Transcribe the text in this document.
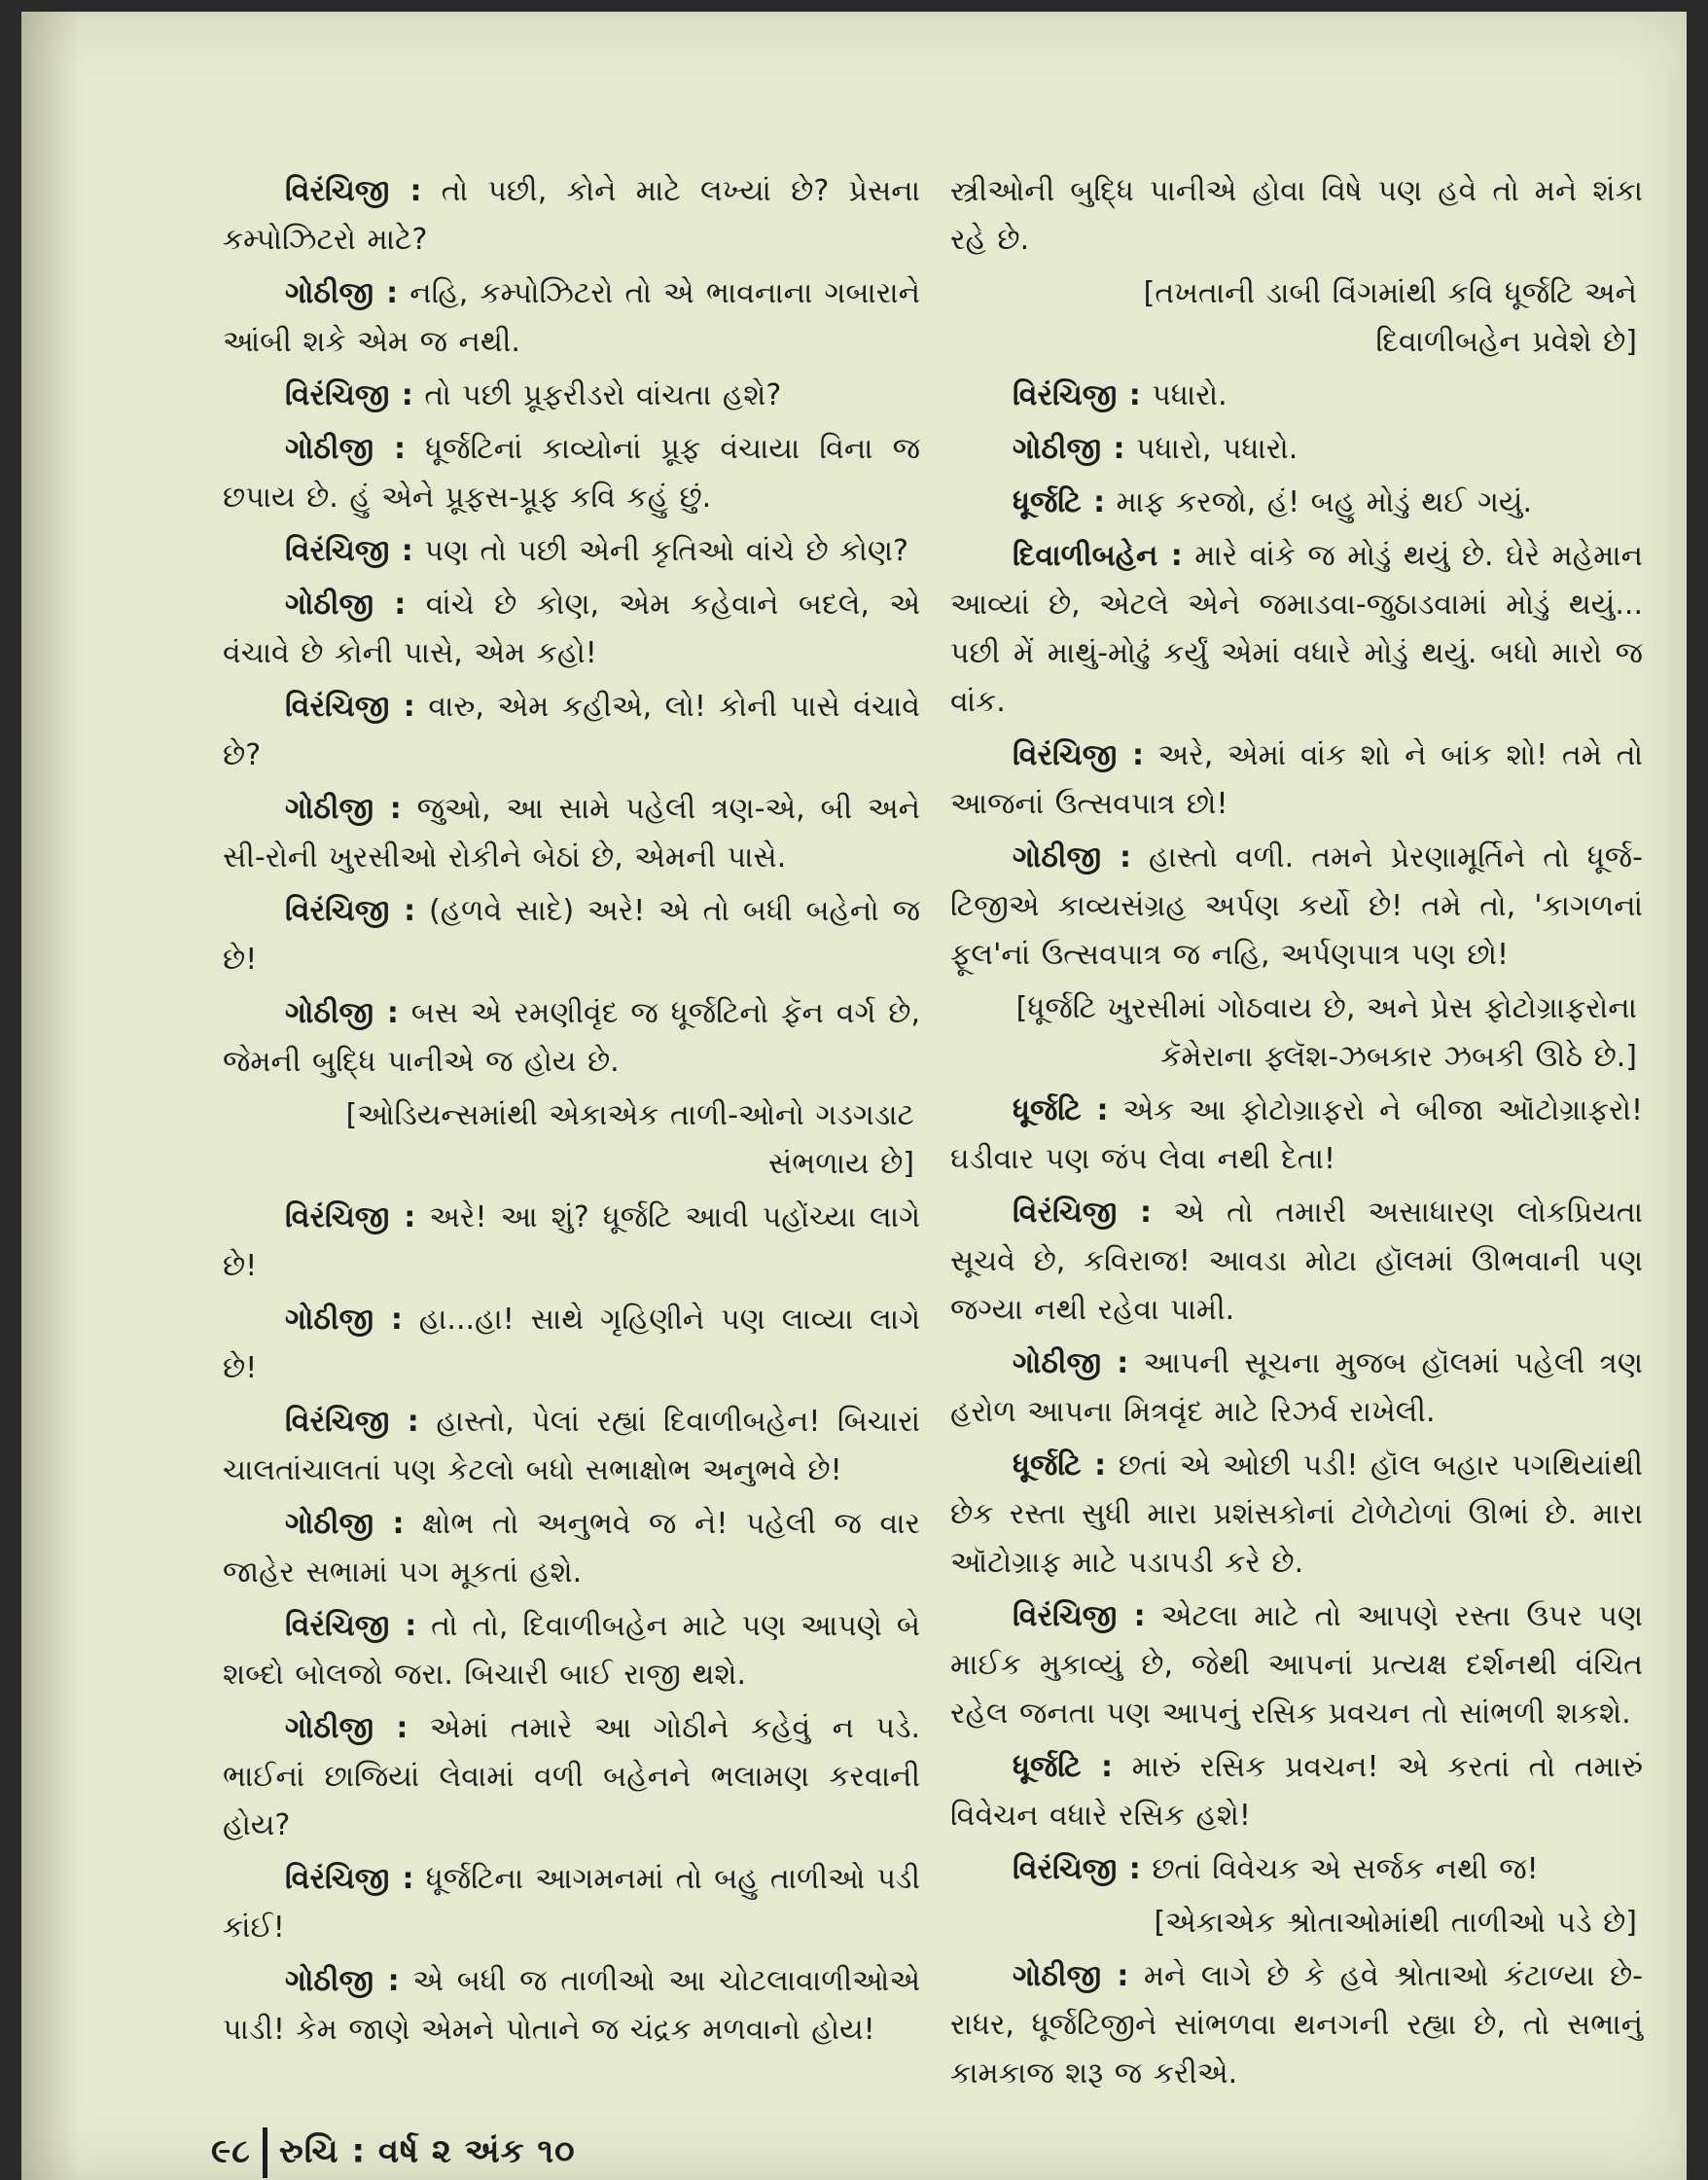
વિરંચિજી : તો પછી, કોને માટે લખ્યાં છે? પ્રેસના કમ્પોઝિટરો માટે?

ગોઠીજી : નહિ, કમ્પોઝિટરો તો એ ભાવનાના ગબારાને આંબી શકે એમ જ નથી.

વિરંચિજી : તો પછી પ્રૂફરીડરો વાંચતા હશે?

ગોઠીજી : ધૂર્જટિનાં કાવ્યોનાં પ્રૂફ વંચાયા વિના જ છપાય છે. હું એને પ્રૂફસ-પ્રૂફ કવિ કહું છું.

વિરંચિજી : પણ તો પછી એની કૃતિઓ વાંચે છે કોણ?

ગોઠીજી : વાંચે છે કોણ, એમ કહેવાને બદલે, એ વંચાવે છે કોની પાસે, એમ કહો!

વિરંચિજી : વારુ, એમ કહીએ, લો! કોની પાસે વંચાવે છે?

ગોઠીજી : જુઓ, આ સામે પહેલી ત્રણ-એ, બી અને સી-રોની ખુરસીઓ રોકીને બેઠાં છે, એમની પાસે.

વિરંચિજી : (હળવે સાદે) અરે! એ તો બધી બહેનો જ છે!

ગોઠીજી : બસ એ રમણીવૃંદ જ ધૂર્જટિનો ફૅન વર્ગ છે, જેમની બુદ્ધિ પાનીએ જ હોય છે.

[ઓડિયન્સમાંથી એકાએક તાળી-ઓનો ગડગડાટ સંભળાય છે]

વિરંચિજી : અરે! આ શું? ધૂર્જટિ આવી પહોંચ્યા લાગે છે!

ગોઠીજી : હા...હા! સાથે ગૃહિણીને પણ લાવ્યા લાગે છે!

વિરંચિજી : હાસ્તો, પેલાં રહ્યાં દિવાળીબહેન! બિચારાં ચાલતાંચાલતાં પણ કેટલો બધો સભાક્ષોભ અનુભવે છે!

ગોઠીજી : ક્ષોભ તો અનુભવે જ ને! પહેલી જ વાર જાહેર સભામાં પગ મૂકતાં હશે.

વિરંચિજી : તો તો, દિવાળીબહેન માટે પણ આપણે બે શબ્દો બોલજો જરા. બિચારી બાઈ રાજી થશે.

ગોઠીજી : એમાં તમારે આ ગોઠીને કહેવું ન પડે. ભાઈનાં છાજિયાં લેવામાં વળી બહેનને ભલામણ કરવાની હોય?

વિરંચિજી : ધૂર્જટિના આગમનમાં તો બહુ તાળીઓ પડી કાંઈ!

ગોઠીજી : એ બધી જ તાળીઓ આ ચોટલાવાળીઓએ પાડી! કેમ જાણે એમને પોતાને જ ચંદ્રક મળવાનો હોય!

સ્ત્રીઓની બુદ્ધિ પાનીએ હોવા વિષે પણ હવે તો મને શંકા રહે છે.

[તખતાની ડાબી વિંગમાંથી કવિ ધૂર્જટિ અને દિવાળીબહેન પ્રવેશે છે]

વિરંચિજી : પધારો.

ગોઠીજી : પધારો, પધારો.

ધૂર્જટિ : માફ કરજો, હં! બહુ મોડું થઈ ગયું.

દિવાળીબહેન : મારે વાંકે જ મોડું થયું છે. ઘેરે મહેમાન આવ્યાં છે, એટલે એને જમાડવા-જુઠાડવામાં મોડું થયું... પછી મેં માથું-મોઢું કર્યું એમાં વધારે મોડું થયું. બધો મારો જ વાંક.

વિરંચિજી : અરે, એમાં વાંક શો ને બાંક શો! તમે તો આજનાં ઉત્સવપાત્ર છો!

ગોઠીજી : હાસ્તો વળી. તમને પ્રેરણામૂર્તિને તો ધૂર્જ-ટિજીએ કાવ્યસંગ્રહ અર્પણ કર્યો છે! તમે તો, 'કાગળનાં ફૂલ'નાં ઉત્સવપાત્ર જ નહિ, અર્પણપાત્ર પણ છો!

[ધૂર્જટિ ખુરસીમાં ગોઠવાય છે, અને પ્રેસ ફોટોગ્રાફરોના કૅમેરાના ફ્લૅશ-ઝબકાર ઝબકી ઊઠે છે.]

ધૂર્જટિ : એક આ ફોટોગ્રાફરો ને બીજા ઑટોગ્રાફરો! ઘડીવાર પણ જંપ લેવા નથી દેતા!

વિરંચિજી : એ તો તમારી અસાધારણ લોકપ્રિયતા સૂચવે છે, કવિરાજ! આવડા મોટા હૉલમાં ઊભવાની પણ જગ્યા નથી રહેવા પામી.

ગોઠીજી : આપની સૂચના મુજબ હૉલમાં પહેલી ત્રણ હરોળ આપના મિત્રવૃંદ માટે રિઝર્વ રાખેલી.

ધૂર્જટિ : છતાં એ ઓછી પડી! હૉલ બહાર પગથિયાંથી છેક રસ્તા સુધી મારા પ્રશંસકોનાં ટોળેટોળાં ઊભાં છે. મારા ઑટોગ્રાફ માટે પડાપડી કરે છે.

વિરંચિજી : એટલા માટે તો આપણે રસ્તા ઉપર પણ માઈક મુકાવ્યું છે, જેથી આપનાં પ્રત્યક્ષ દર્શનથી વંચિત રહેલ જનતા પણ આપનું રસિક પ્રવચન તો સાંભળી શકશે.

ધૂર્જટિ : મારું રસિક પ્રવચન! એ કરતાં તો તમારું વિવેચન વધારે રસિક હશે!

વિરંચિજી : છતાં વિવેચક એ સર્જક નથી જ!

[એકાએક શ્રોતાઓમાંથી તાળીઓ પડે છે]

ગોઠીજી : મને લાગે છે કે હવે શ્રોતાઓ કંટાળ્યા છે-રાધર, ધૂર્જટિજીને સાંભળવા થનગની રહ્યા છે, તો સભાનું કામકાજ શરૂ જ કરીએ.

૯૮ રુચિ : વર્ષ ૨ અંક ૧૦
